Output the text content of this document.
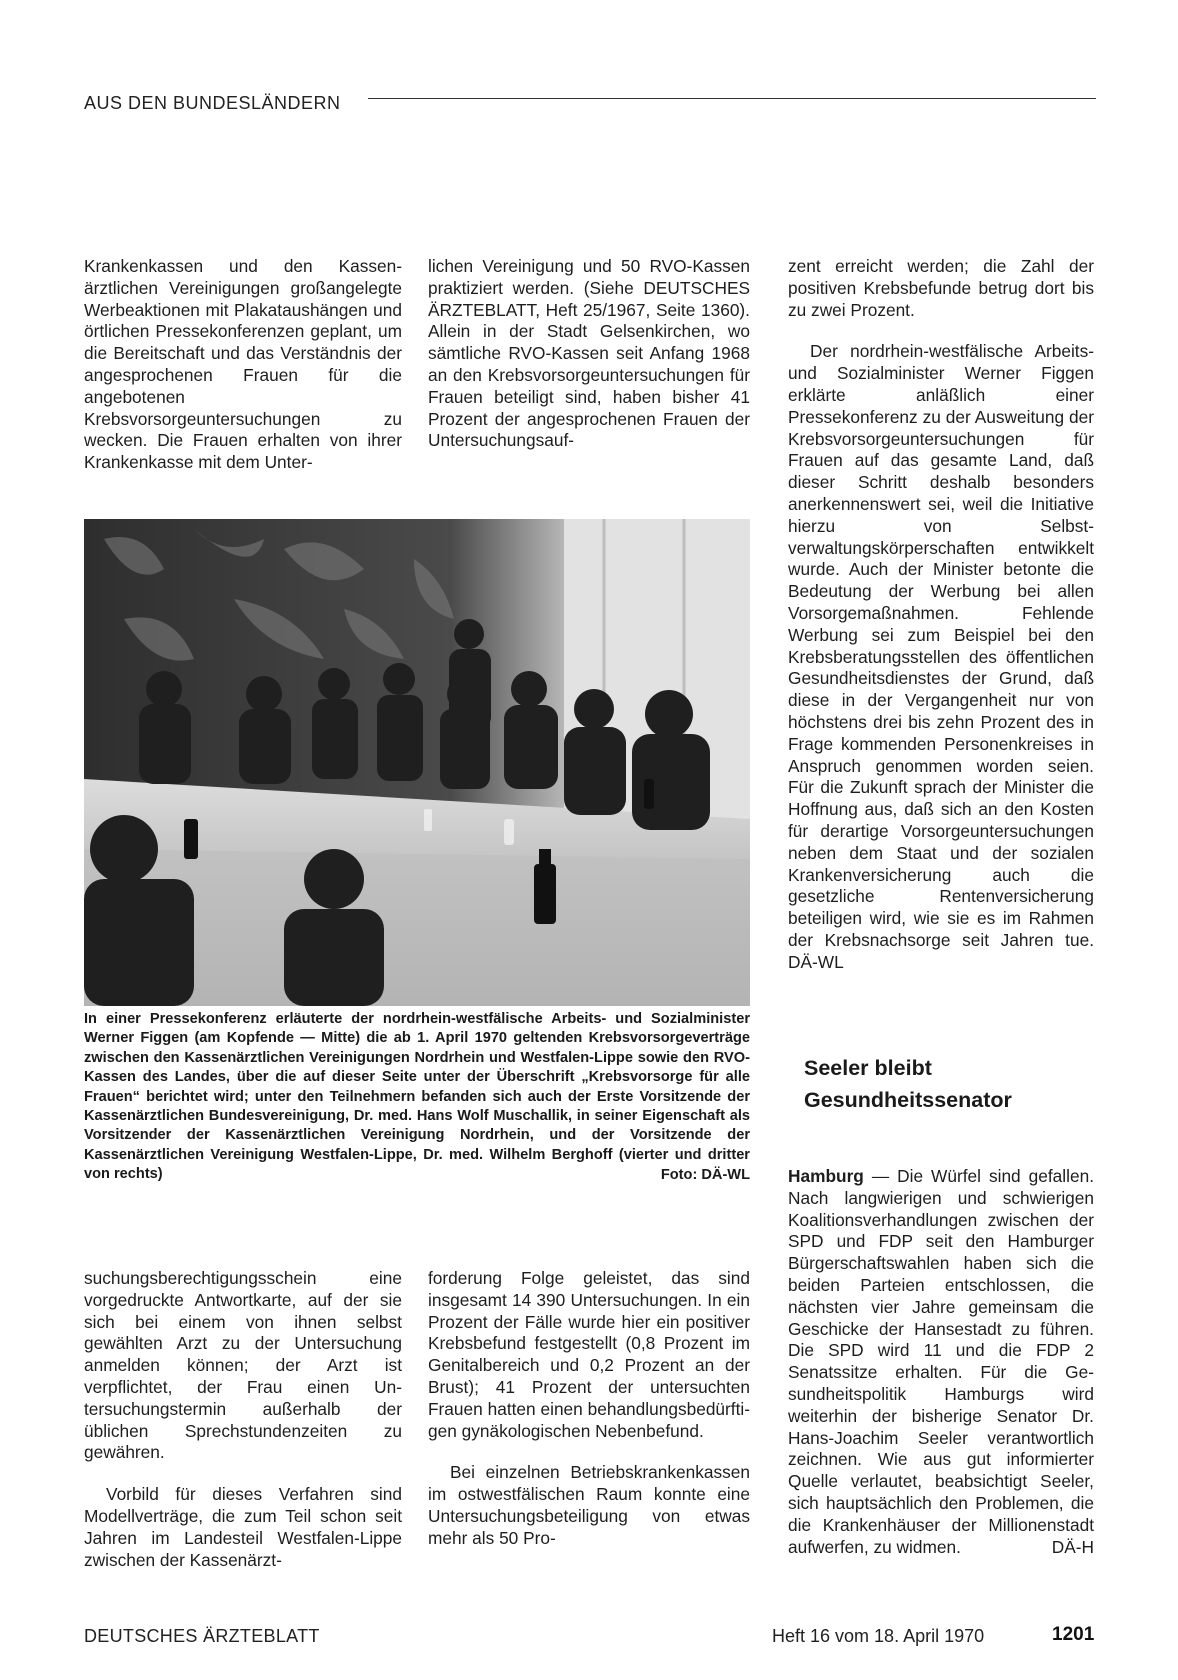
AUS DEN BUNDESLÄNDERN

Krankenkassen und den Kassenärztlichen Vereinigungen großangelegte Werbeaktionen mit Plakataushängen und örtlichen Pressekonferenzen geplant, um die Bereitschaft und das Verständnis der angesprochenen Frauen für die angebotenen Krebsvorsorgeuntersuchungen zu wecken. Die Frauen erhalten von ihrer Krankenkasse mit dem Unter-

lichen Vereinigung und 50 RVO-Kassen praktiziert werden. (Siehe DEUTSCHES ÄRZTEBLATT, Heft 25/1967, Seite 1360). Allein in der Stadt Gelsenkirchen, wo sämtliche RVO-Kassen seit Anfang 1968 an den Krebsvorsorgeuntersuchungen für Frauen beteiligt sind, haben bisher 41 Prozent der angesprochenen Frauen der Untersuchungsauf-

zent erreicht werden; die Zahl der positiven Krebsbefunde betrug dort bis zu zwei Prozent.

Der nordrhein-westfälische Arbeits- und Sozialminister Werner Figgen erklärte anläßlich einer Pressekonferenz zu der Ausweitung der Krebsvorsorgeuntersuchungen für Frauen auf das gesamte Land, daß dieser Schritt deshalb besonders anerkennenswert sei, weil die Initiative hierzu von Selbstverwaltungskörperschaften entwikkelt wurde. Auch der Minister betonte die Bedeutung der Werbung bei allen Vorsorgemaßnahmen. Fehlende Werbung sei zum Beispiel bei den Krebsberatungsstellen des öffentlichen Gesundheitsdienstes der Grund, daß diese in der Vergangenheit nur von höchstens drei bis zehn Prozent des in Frage kommenden Personenkreises in Anspruch genommen worden seien. Für die Zukunft sprach der Minister die Hoffnung aus, daß sich an den Kosten für derartige Vorsorgeuntersuchungen neben dem Staat und der sozialen Krankenversicherung auch die gesetzliche Rentenversicherung beteiligen wird, wie sie es im Rahmen der Krebsnachsorge seit Jahren tue. DÄ-WL

In einer Pressekonferenz erläuterte der nordrhein-westfälische Arbeits- und Sozialminister Werner Figgen (am Kopfende — Mitte) die ab 1. April 1970 geltenden Krebsvorsorgeverträge zwischen den Kassenärztlichen Vereinigungen Nordrhein und Westfalen-Lippe sowie den RVO-Kassen des Landes, über die auf dieser Seite unter der Überschrift „Krebsvorsorge für alle Frauen“ berichtet wird; unter den Teilnehmern befanden sich auch der Erste Vorsitzende der Kassenärztlichen Bundesvereinigung, Dr. med. Hans Wolf Muschallik, in seiner Eigenschaft als Vorsitzender der Kassenärztlichen Vereinigung Nordrhein, und der Vorsitzende der Kassenärztlichen Vereinigung Westfalen-Lippe, Dr. med. Wilhelm Berghoff (vierter und dritter von rechts)	Foto: DÄ-WL

suchungsberechtigungsschein eine vorgedruckte Antwortkarte, auf der sie sich bei einem von ihnen selbst gewählten Arzt zu der Untersuchung anmelden können; der Arzt ist verpflichtet, der Frau einen Untersuchungstermin außerhalb der üblichen Sprechstundenzeiten zu gewähren.

Vorbild für dieses Verfahren sind Modellverträge, die zum Teil schon seit Jahren im Landesteil Westfalen-Lippe zwischen der Kassenärzt-

forderung Folge geleistet, das sind insgesamt 14 390 Untersuchungen. In ein Prozent der Fälle wurde hier ein positiver Krebsbefund festgestellt (0,8 Prozent im Genitalbereich und 0,2 Prozent an der Brust); 41 Prozent der untersuchten Frauen hatten einen behandlungsbedürftigen gynäkologischen Nebenbefund.

Bei einzelnen Betriebskrankenkassen im ostwestfälischen Raum konnte eine Untersuchungsbeteiligung von etwas mehr als 50 Pro-

Seeler bleibt Gesundheitssenator

Hamburg — Die Würfel sind gefallen. Nach langwierigen und schwierigen Koalitionsverhandlungen zwischen der SPD und FDP seit den Hamburger Bürgerschaftswahlen haben sich die beiden Parteien entschlossen, die nächsten vier Jahre gemeinsam die Geschicke der Hansestadt zu führen. Die SPD wird 11 und die FDP 2 Senatssitze erhalten. Für die Gesundheitspolitik Hamburgs wird weiterhin der bisherige Senator Dr. Hans-Joachim Seeler verantwortlich zeichnen. Wie aus gut informierter Quelle verlautet, beabsichtigt Seeler, sich hauptsächlich den Problemen, die die Krankenhäuser der Millionenstadt aufwerfen, zu widmen.	DÄ-H

DEUTSCHES ÄRZTEBLATT	Heft 16 vom 18. April 1970	1201
